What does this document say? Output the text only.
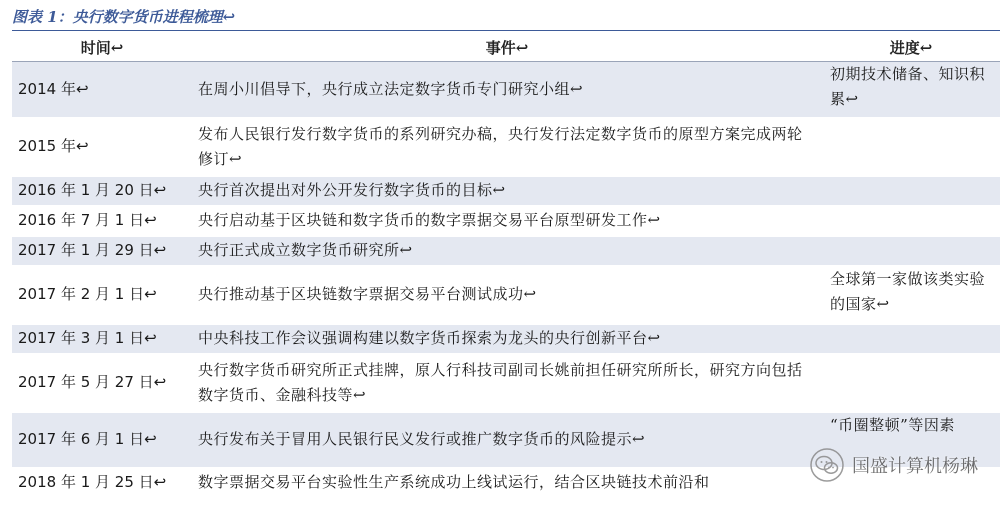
图表 1：央行数字货币进程梳理↩
时间↩	事件↩	进度↩
2014 年↩	在周小川倡导下，央行成立法定数字货币专门研究小组↩	初期技术储备、知识积累↩
2015 年↩	发布人民银行发行数字货币的系列研究办稿，央行发行法定数字货币的原型方案完成两轮修订↩	
2016 年 1 月 20 日↩	央行首次提出对外公开发行数字货币的目标↩	
2016 年 7 月 1 日↩	央行启动基于区块链和数字货币的数字票据交易平台原型研发工作↩	
2017 年 1 月 29 日↩	央行正式成立数字货币研究所↩	
2017 年 2 月 1 日↩	央行推动基于区块链数字票据交易平台测试成功↩	全球第一家做该类实验的国家↩
2017 年 3 月 1 日↩	中央科技工作会议强调构建以数字货币探索为龙头的央行创新平台↩	
2017 年 5 月 27 日↩	央行数字货币研究所正式挂牌，原人行科技司副司长姚前担任研究所所长，研究方向包括数字货币、金融科技等↩	
2017 年 6 月 1 日↩	央行发布关于冒用人民银行民义发行或推广数字货币的风险提示↩	“币圈整顿”等因素
2018 年 1 月 25 日↩	数字票据交易平台实验性生产系统成功上线试运行，结合区块链技术前沿和	
国盛计算机杨琳
